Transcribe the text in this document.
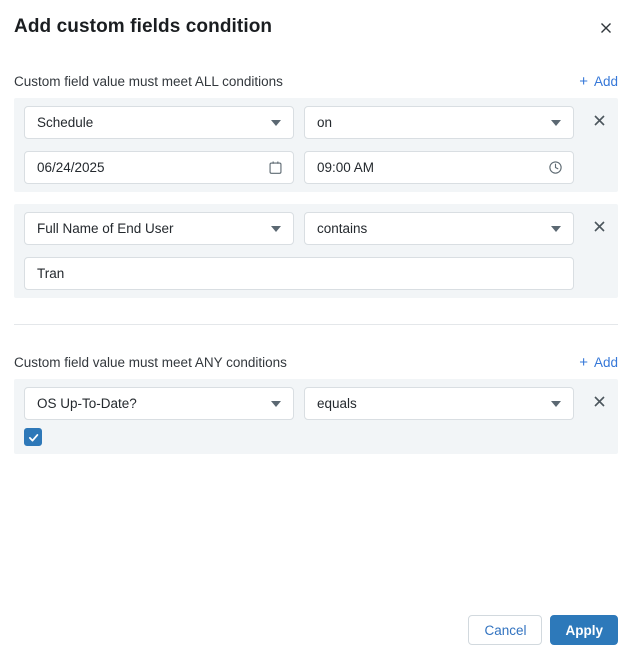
Add custom fields condition
Custom field value must meet ALL conditions	+ Add
Schedule	on
06/24/2025
09:00 AM
Full Name of End User	contains
Tran
Custom field value must meet ANY conditions	+ Add
OS Up-To-Date?	equals
Cancel	Apply
